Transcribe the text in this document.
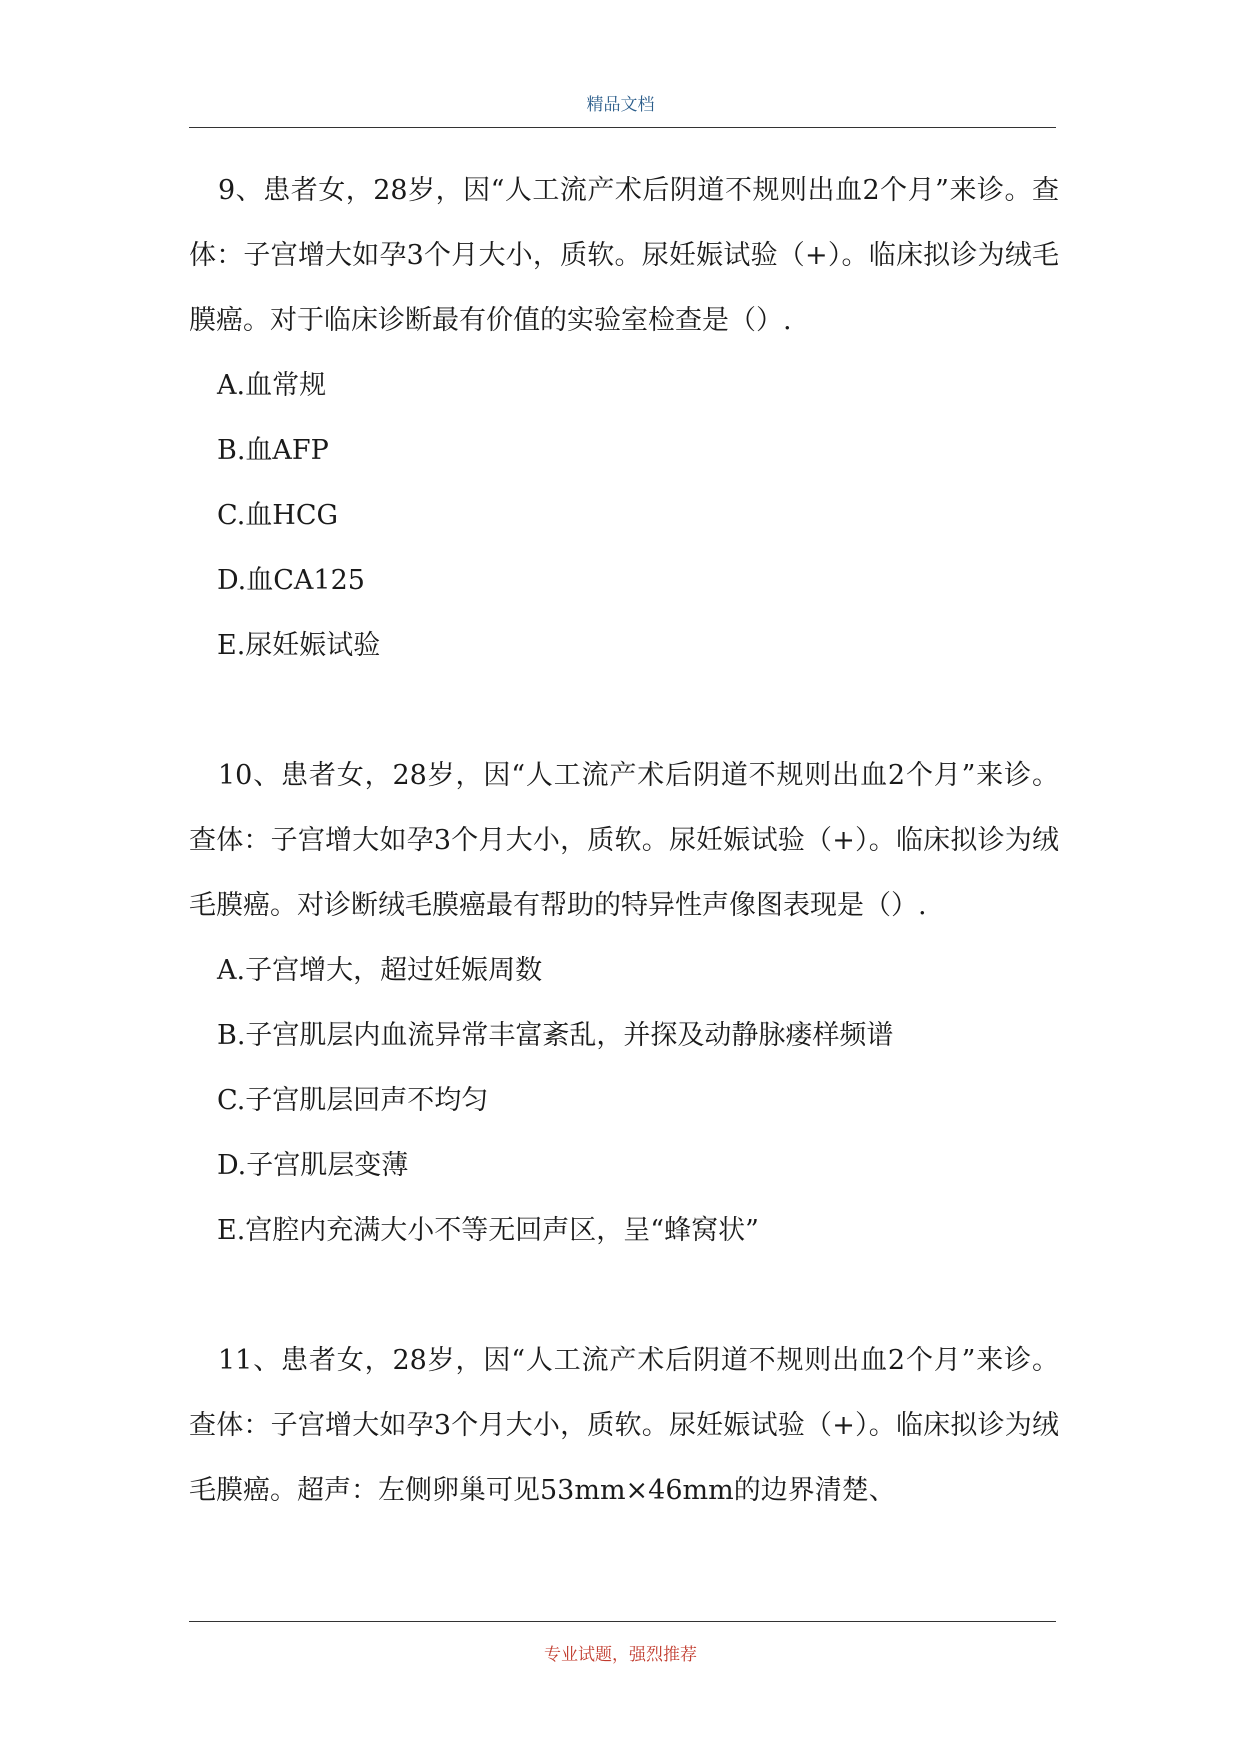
精品文档

9、患者女，28岁，因“人工流产术后阴道不规则出血2个月”来诊。查体：子宫增大如孕3个月大小，质软。尿妊娠试验（+）。临床拟诊为绒毛膜癌。对于临床诊断最有价值的实验室检查是（）.

A.血常规

B.血AFP

C.血HCG

D.血CA125

E.尿妊娠试验

10、患者女，28岁，因“人工流产术后阴道不规则出血2个月”来诊。查体：子宫增大如孕3个月大小，质软。尿妊娠试验（+）。临床拟诊为绒毛膜癌。对诊断绒毛膜癌最有帮助的特异性声像图表现是（）.

A.子宫增大，超过妊娠周数

B.子宫肌层内血流异常丰富紊乱，并探及动静脉瘘样频谱

C.子宫肌层回声不均匀

D.子宫肌层变薄

E.宫腔内充满大小不等无回声区，呈“蜂窝状”

11、患者女，28岁，因“人工流产术后阴道不规则出血2个月”来诊。查体：子宫增大如孕3个月大小，质软。尿妊娠试验（+）。临床拟诊为绒毛膜癌。超声：左侧卵巢可见53mm×46mm的边界清楚、

专业试题，强烈推荐
